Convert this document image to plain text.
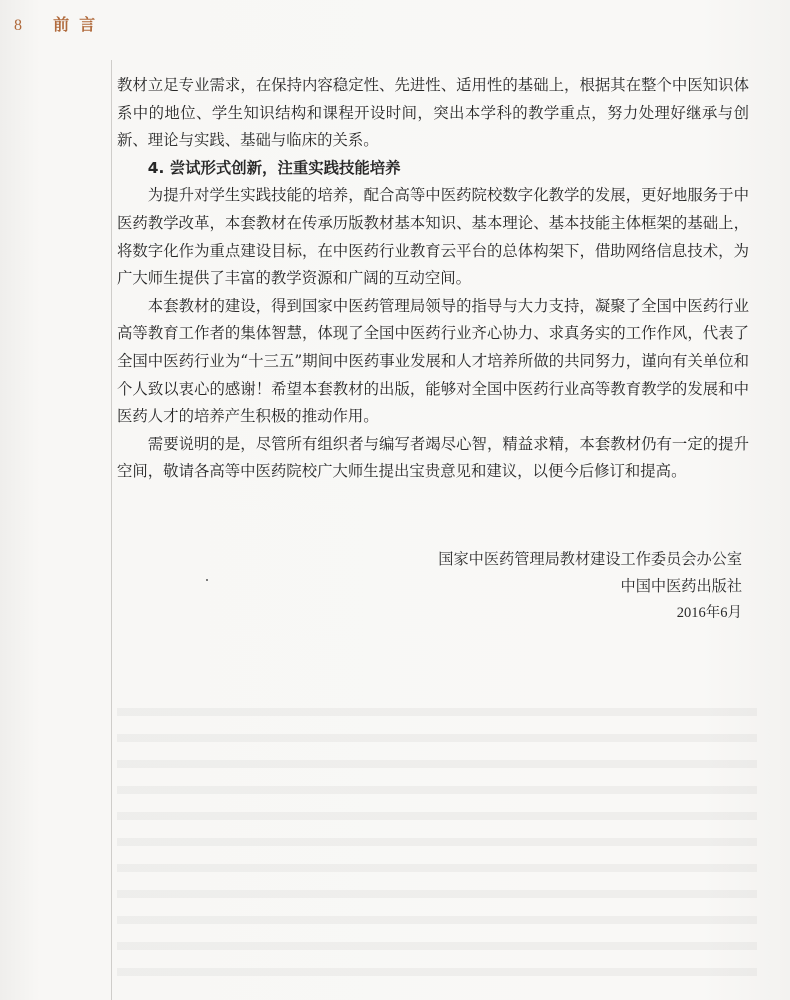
8 前言

教材立足专业需求，在保持内容稳定性、先进性、适用性的基础上，根据其在整个中医知识体系中的地位、学生知识结构和课程开设时间，突出本学科的教学重点，努力处理好继承与创新、理论与实践、基础与临床的关系。

4. 尝试形式创新，注重实践技能培养

为提升对学生实践技能的培养，配合高等中医药院校数字化教学的发展，更好地服务于中医药教学改革，本套教材在传承历版教材基本知识、基本理论、基本技能主体框架的基础上，将数字化作为重点建设目标，在中医药行业教育云平台的总体构架下，借助网络信息技术，为广大师生提供了丰富的教学资源和广阔的互动空间。

本套教材的建设，得到国家中医药管理局领导的指导与大力支持，凝聚了全国中医药行业高等教育工作者的集体智慧，体现了全国中医药行业齐心协力、求真务实的工作作风，代表了全国中医药行业为“十三五”期间中医药事业发展和人才培养所做的共同努力，谨向有关单位和个人致以衷心的感谢！希望本套教材的出版，能够对全国中医药行业高等教育教学的发展和中医药人才的培养产生积极的推动作用。

需要说明的是，尽管所有组织者与编写者竭尽心智，精益求精，本套教材仍有一定的提升空间，敬请各高等中医药院校广大师生提出宝贵意见和建议，以便今后修订和提高。

国家中医药管理局教材建设工作委员会办公室
中国中医药出版社
2016年6月
